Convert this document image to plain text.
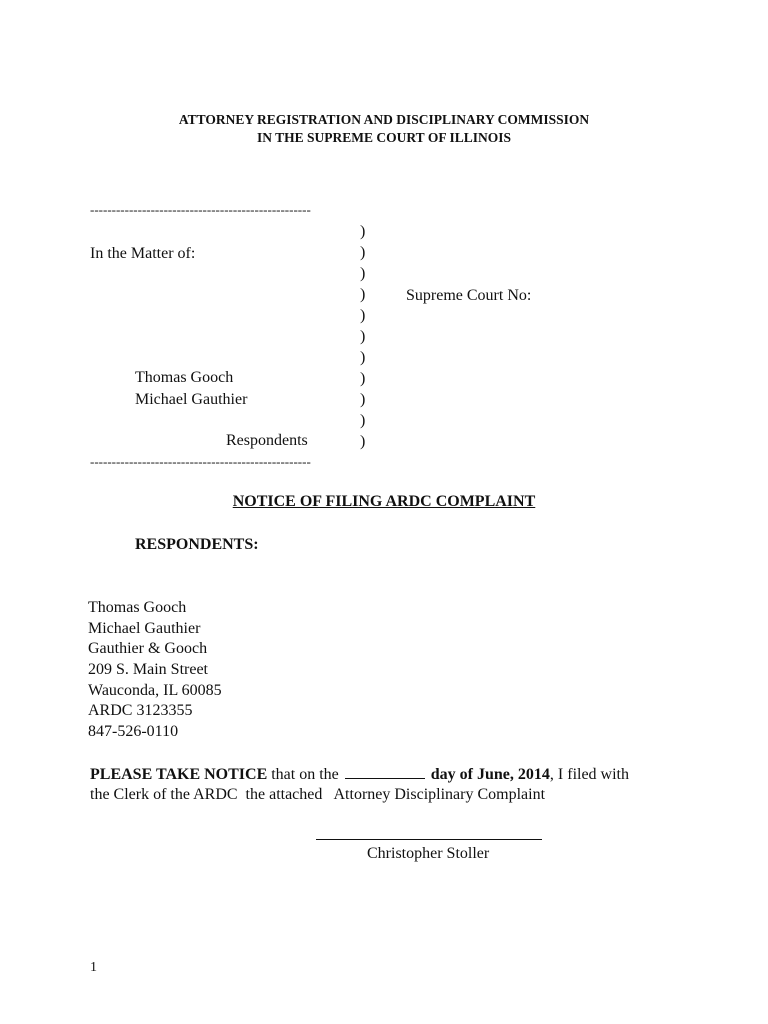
ATTORNEY REGISTRATION AND DISCIPLINARY COMMISSION
IN THE SUPREME COURT OF ILLINOIS
---------------------------------------------------
)
)
)
)
)
)
)
)
)
)
)
In the Matter of:
Supreme Court No:
Thomas Gooch
Michael Gauthier
Respondents
---------------------------------------------------
NOTICE OF FILING ARDC COMPLAINT
RESPONDENTS:
Thomas Gooch
Michael Gauthier
Gauthier & Gooch
209 S. Main Street
Wauconda, IL 60085
ARDC 3123355
847-526-0110
PLEASE TAKE NOTICE that on the	day of June, 2014, I filed with
the Clerk of the ARDC  the attached   Attorney Disciplinary Complaint
Christopher Stoller
1
